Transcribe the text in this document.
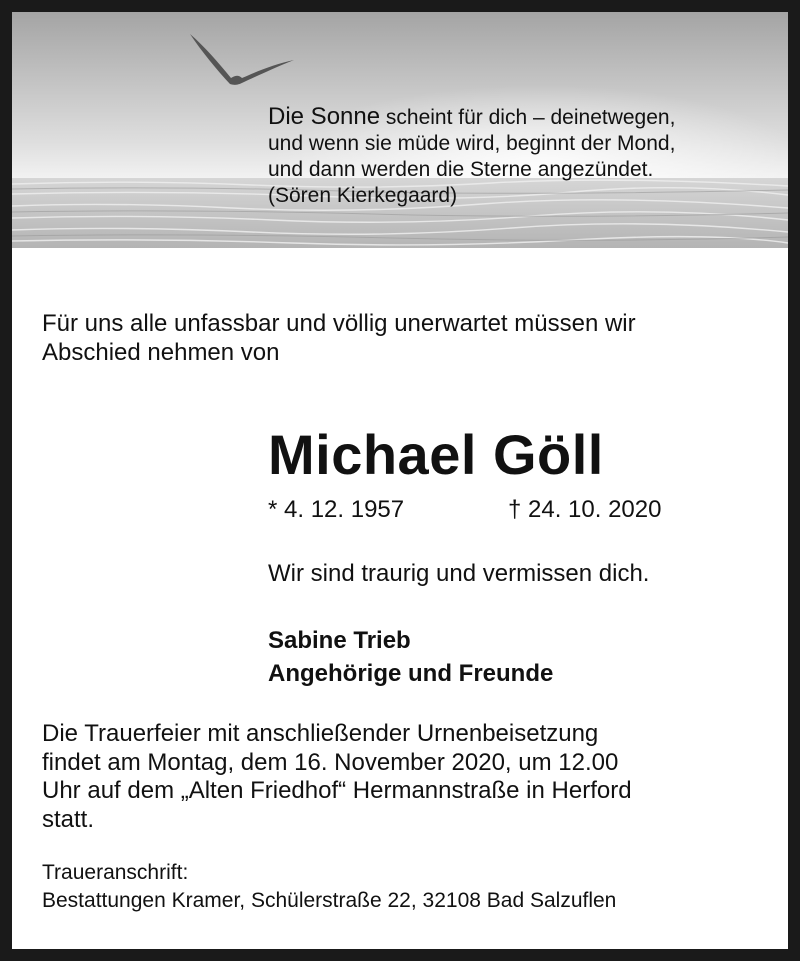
Die Sonne scheint für dich – deinetwegen,
und wenn sie müde wird, beginnt der Mond,
und dann werden die Sterne angezündet.
(Sören Kierkegaard)
Für uns alle unfassbar und völlig unerwartet müssen wir
Abschied nehmen von
Michael Göll
* 4. 12. 1957	† 24. 10. 2020
Wir sind traurig und vermissen dich.
Sabine Trieb
Angehörige und Freunde
Die Trauerfeier mit anschließender Urnenbeisetzung
findet am Montag, dem 16. November 2020, um 12.00
Uhr auf dem „Alten Friedhof“ Hermannstraße in Herford
statt.
Traueranschrift:
Bestattungen Kramer, Schülerstraße 22, 32108 Bad Salzuflen
